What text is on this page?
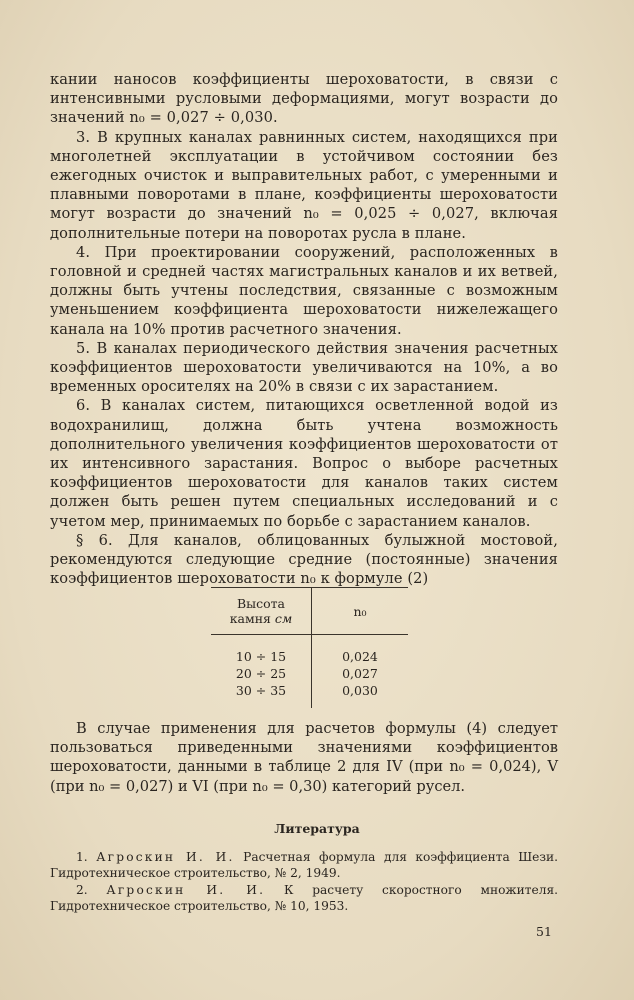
кании наносов коэффициенты шероховатости, в связи с интенсивными русловыми деформациями, могут возрасти до значений n₀ = 0,027 ÷ 0,030.

3. В крупных каналах равнинных систем, находящихся при многолетней эксплуатации в устойчивом состоянии без ежегодных очисток и выправительных работ, с умеренными и плавными поворотами в плане, коэффициенты шероховатости могут возрасти до значений n₀ = 0,025 ÷ 0,027, включая дополнительные потери на поворотах русла в плане.

4. При проектировании сооружений, расположенных в головной и средней частях магистральных каналов и их ветвей, должны быть учтены последствия, связанные с возможным уменьшением коэффициента шероховатости нижележащего канала на 10% против расчетного значения.

5. В каналах периодического действия значения расчетных коэффициентов шероховатости увеличиваются на 10%, а во временных оросителях на 20% в связи с их зарастанием.

6. В каналах систем, питающихся осветленной водой из водохранилищ, должна быть учтена возможность дополнительного увеличения коэффициентов шероховатости от их интенсивного зарастания. Вопрос о выборе расчетных коэффициентов шероховатости для каналов таких систем должен быть решен путем специальных исследований и с учетом мер, принимаемых по борьбе с зарастанием каналов.

§ 6. Для каналов, облицованных булыжной мостовой, рекомендуются следующие средние (постоянные) значения коэффициентов шероховатости n₀ к формуле (2)

Высота
камня см	n₀
10 ÷ 15	0,024
20 ÷ 25	0,027
30 ÷ 35	0,030

В случае применения для расчетов формулы (4) следует пользоваться приведенными значениями коэффициентов шероховатости, данными в таблице 2 для IV (при n₀ = 0,024), V (при n₀ = 0,027) и VI (при n₀ = 0,30) категорий русел.

Литература

1. Агроскин И. И. Расчетная формула для коэффициента Шези. Гидротехническое строительство, № 2, 1949.

2. Агроскин И. И. К расчету скоростного множителя. Гидротехническое строительство, № 10, 1953.

51
